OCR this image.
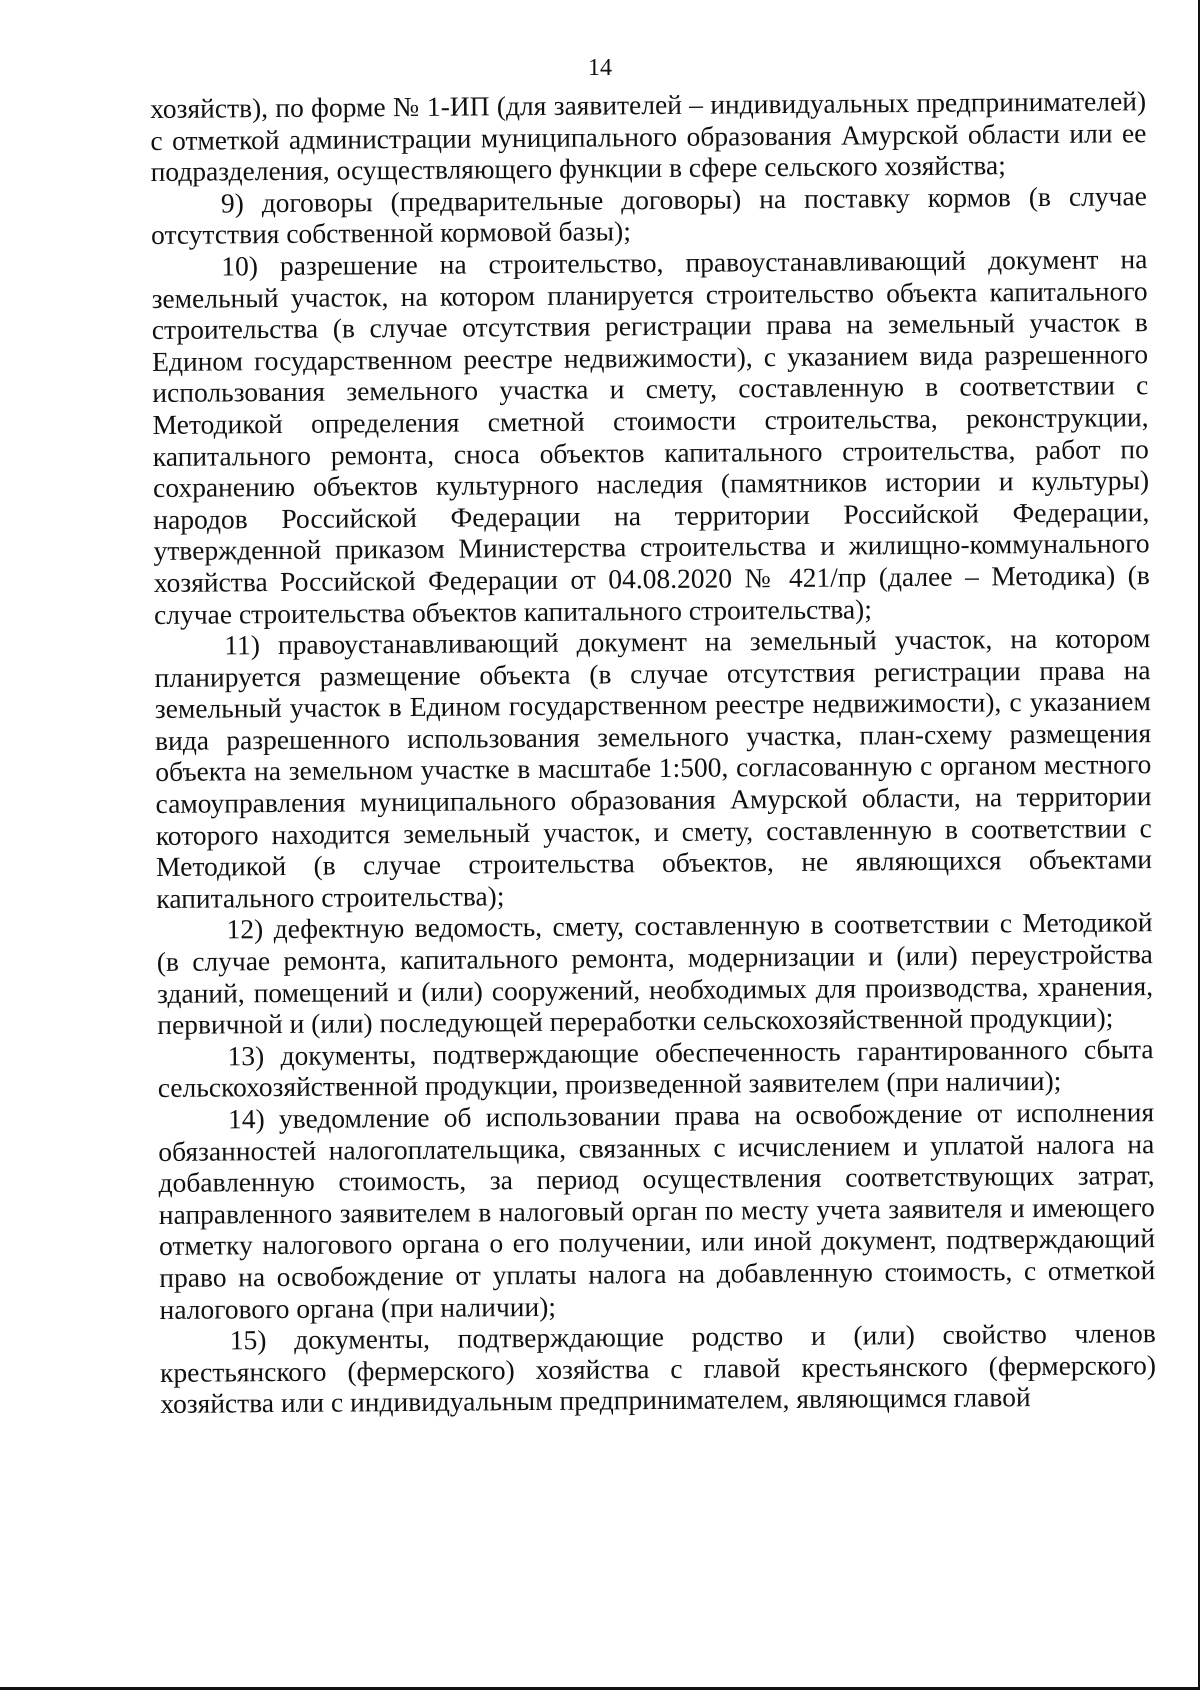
14

хозяйств), по форме № 1-ИП (для заявителей – индивидуальных предпринимателей) с отметкой администрации муниципального образования Амурской области или ее подразделения, осуществляющего функции в сфере сельского хозяйства;

9) договоры (предварительные договоры) на поставку кормов (в случае отсутствия собственной кормовой базы);

10) разрешение на строительство, правоустанавливающий документ на земельный участок, на котором планируется строительство объекта капитального строительства (в случае отсутствия регистрации права на земельный участок в Едином государственном реестре недвижимости), с указанием вида разрешенного использования земельного участка и смету, составленную в соответствии с Методикой определения сметной стоимости строительства, реконструкции, капитального ремонта, сноса объектов капитального строительства, работ по сохранению объектов культурного наследия (памятников истории и культуры) народов Российской Федерации на территории Российской Федерации, утвержденной приказом Министерства строительства и жилищно-коммунального хозяйства Российской Федерации от 04.08.2020 № 421/пр (далее – Методика) (в случае строительства объектов капитального строительства);

11) правоустанавливающий документ на земельный участок, на котором планируется размещение объекта (в случае отсутствия регистрации права на земельный участок в Едином государственном реестре недвижимости), с указанием вида разрешенного использования земельного участка, план-схему размещения объекта на земельном участке в масштабе 1:500, согласованную с органом местного самоуправления муниципального образования Амурской области, на территории которого находится земельный участок, и смету, составленную в соответствии с Методикой (в случае строительства объектов, не являющихся объектами капитального строительства);

12) дефектную ведомость, смету, составленную в соответствии с Методикой (в случае ремонта, капитального ремонта, модернизации и (или) переустройства зданий, помещений и (или) сооружений, необходимых для производства, хранения, первичной и (или) последующей переработки сельскохозяйственной продукции);

13) документы, подтверждающие обеспеченность гарантированного сбыта сельскохозяйственной продукции, произведенной заявителем (при наличии);

14) уведомление об использовании права на освобождение от исполнения обязанностей налогоплательщика, связанных с исчислением и уплатой налога на добавленную стоимость, за период осуществления соответствующих затрат, направленного заявителем в налоговый орган по месту учета заявителя и имеющего отметку налогового органа о его получении, или иной документ, подтверждающий право на освобождение от уплаты налога на добавленную стоимость, с отметкой налогового органа (при наличии);

15) документы, подтверждающие родство и (или) свойство членов крестьянского (фермерского) хозяйства с главой крестьянского (фермерского) хозяйства или с индивидуальным предпринимателем, являющимся главой
